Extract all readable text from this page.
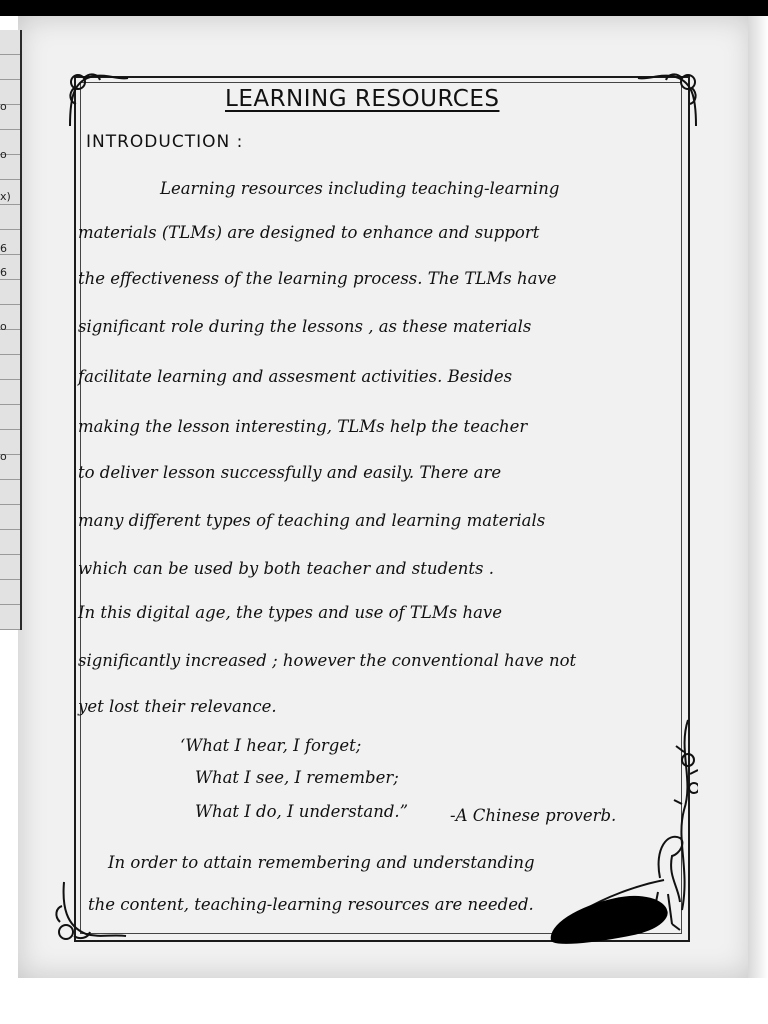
o
o
x)
6
6
o
o
LEARNING RESOURCES
INTRODUCTION :
Learning resources including teaching-learning
materials (TLMs) are designed to enhance and support
the effectiveness of the learning process. The TLMs have
significant role during the lessons , as these materials
facilitate learning and assesment activities. Besides
making the lesson interesting, TLMs help the teacher
to deliver lesson successfully and easily. There are
many different types of teaching and learning materials
which can be used by both teacher and students .
In this digital age, the types and use of TLMs have
significantly increased ; however the conventional have not
yet lost their relevance.
‘What I hear, I forget;
What I see, I remember;
What I do, I understand.”	-A Chinese proverb.
In order to attain remembering and understanding
the content, teaching-learning resources are needed.
